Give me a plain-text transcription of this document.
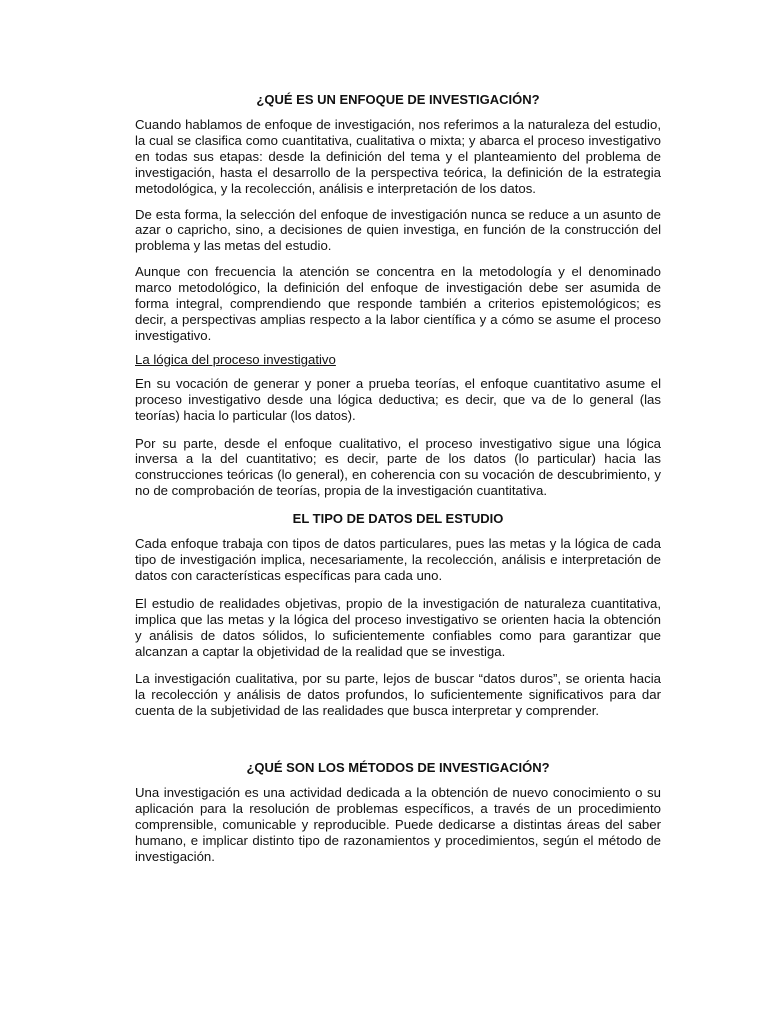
¿QUÉ ES UN ENFOQUE DE INVESTIGACIÓN?

Cuando hablamos de enfoque de investigación, nos referimos a la naturaleza del estudio, la cual se clasifica como cuantitativa, cualitativa o mixta; y abarca el proceso investigativo en todas sus etapas: desde la definición del tema y el planteamiento del problema de investigación, hasta el desarrollo de la perspectiva teórica, la definición de la estrategia metodológica, y la recolección, análisis e interpretación de los datos.

De esta forma, la selección del enfoque de investigación nunca se reduce a un asunto de azar o capricho, sino, a decisiones de quien investiga, en función de la construcción del problema y las metas del estudio.

Aunque con frecuencia la atención se concentra en la metodología y el denominado marco metodológico, la definición del enfoque de investigación debe ser asumida de forma integral, comprendiendo que responde también a criterios epistemológicos; es decir, a perspectivas amplias respecto a la labor científica y a cómo se asume el proceso investigativo.

La lógica del proceso investigativo

En su vocación de generar y poner a prueba teorías, el enfoque cuantitativo asume el proceso investigativo desde una lógica deductiva; es decir, que va de lo general (las teorías) hacia lo particular (los datos).

Por su parte, desde el enfoque cualitativo, el proceso investigativo sigue una lógica inversa a la del cuantitativo; es decir, parte de los datos (lo particular) hacia las construcciones teóricas (lo general), en coherencia con su vocación de descubrimiento, y no de comprobación de teorías, propia de la investigación cuantitativa.

EL TIPO DE DATOS DEL ESTUDIO

Cada enfoque trabaja con tipos de datos particulares, pues las metas y la lógica de cada tipo de investigación implica, necesariamente, la recolección, análisis e interpretación de datos con características específicas para cada uno.

El estudio de realidades objetivas, propio de la investigación de naturaleza cuantitativa, implica que las metas y la lógica del proceso investigativo se orienten hacia la obtención y análisis de datos sólidos, lo suficientemente confiables como para garantizar que alcanzan a captar la objetividad de la realidad que se investiga.

La investigación cualitativa, por su parte, lejos de buscar “datos duros”, se orienta hacia la recolección y análisis de datos profundos, lo suficientemente significativos para dar cuenta de la subjetividad de las realidades que busca interpretar y comprender.

¿QUÉ SON LOS MÉTODOS DE INVESTIGACIÓN?

Una investigación es una actividad dedicada a la obtención de nuevo conocimiento o su aplicación para la resolución de problemas específicos, a través de un procedimiento comprensible, comunicable y reproducible. Puede dedicarse a distintas áreas del saber humano, e implicar distinto tipo de razonamientos y procedimientos, según el método de investigación.
